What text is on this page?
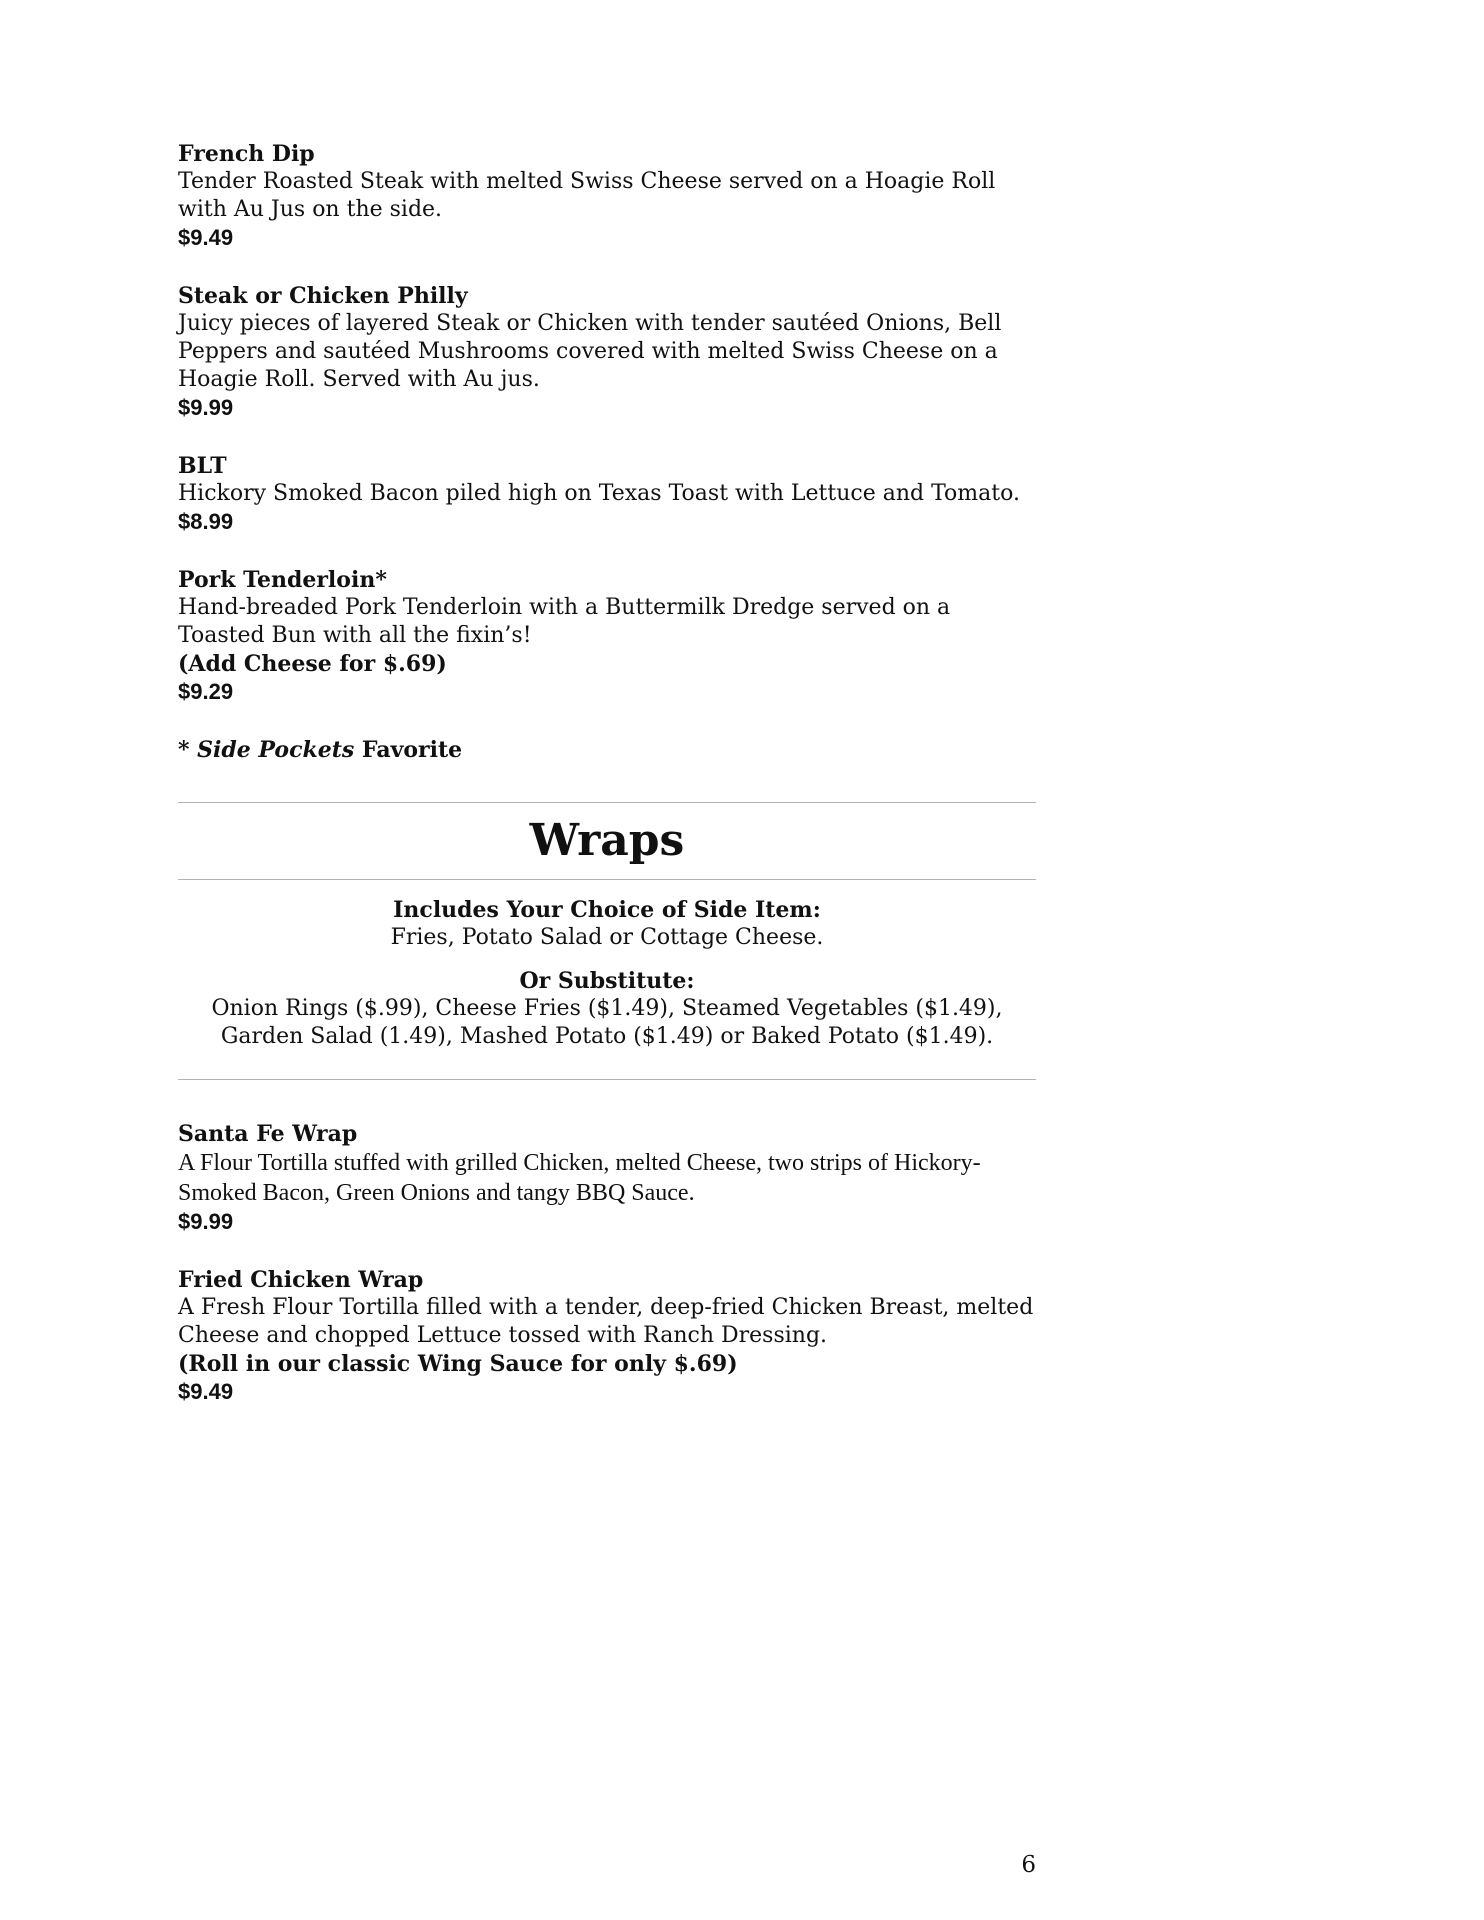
French Dip
Tender Roasted Steak with melted Swiss Cheese served on a Hoagie Roll with Au Jus on the side.
$9.49
Steak or Chicken Philly
Juicy pieces of layered Steak or Chicken with tender sautéed Onions, Bell Peppers and sautéed Mushrooms covered with melted Swiss Cheese on a Hoagie Roll. Served with Au jus.
$9.99
BLT
Hickory Smoked Bacon piled high on Texas Toast with Lettuce and Tomato.
$8.99
Pork Tenderloin*
Hand-breaded Pork Tenderloin with a Buttermilk Dredge served on a Toasted Bun with all the fixin’s!
(Add Cheese for $.69)
$9.29
* Side Pockets Favorite
Wraps
Includes Your Choice of Side Item:
Fries, Potato Salad or Cottage Cheese.
Or Substitute:
Onion Rings ($.99), Cheese Fries ($1.49), Steamed Vegetables ($1.49),
Garden Salad (1.49), Mashed Potato ($1.49) or Baked Potato ($1.49).
Santa Fe Wrap
A Flour Tortilla stuffed with grilled Chicken, melted Cheese, two strips of Hickory-Smoked Bacon, Green Onions and tangy BBQ Sauce.
$9.99
Fried Chicken Wrap
A Fresh Flour Tortilla filled with a tender, deep-fried Chicken Breast, melted Cheese and chopped Lettuce tossed with Ranch Dressing.
(Roll in our classic Wing Sauce for only $.69)
$9.49
6
